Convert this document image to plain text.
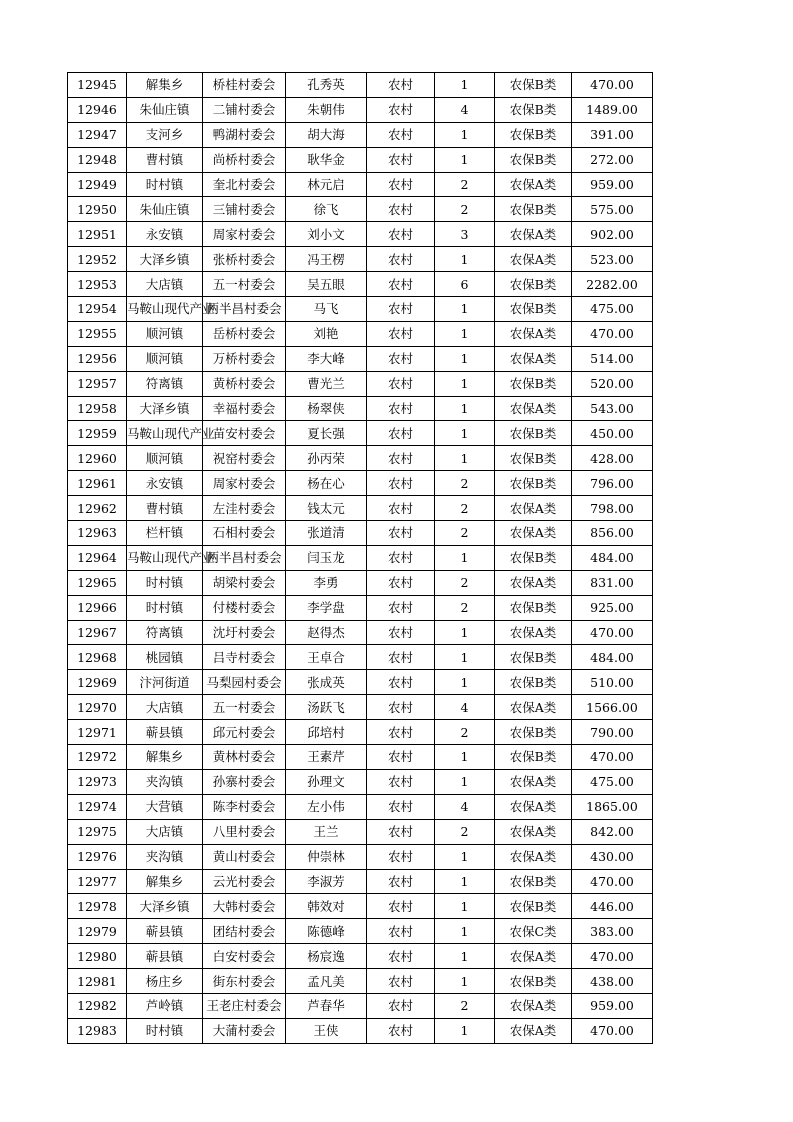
12945	解集乡	桥桂村委会	孔秀英	农村	1	农保B类	470.00
12946	朱仙庄镇	二铺村委会	朱朝伟	农村	4	农保B类	1489.00
12947	支河乡	鸭湖村委会	胡大海	农村	1	农保B类	391.00
12948	曹村镇	尚桥村委会	耿华金	农村	1	农保B类	272.00
12949	时村镇	奎北村委会	林元启	农村	2	农保A类	959.00
12950	朱仙庄镇	三铺村委会	徐飞	农村	2	农保B类	575.00
12951	永安镇	周家村委会	刘小文	农村	3	农保A类	902.00
12952	大泽乡镇	张桥村委会	冯王楞	农村	1	农保A类	523.00
12953	大店镇	五一村委会	吴五眼	农村	6	农保B类	2282.00
12954	马鞍山现代产业	两半昌村委会	马飞	农村	1	农保B类	475.00
12955	顺河镇	岳桥村委会	刘艳	农村	1	农保A类	470.00
12956	顺河镇	万桥村委会	李大峰	农村	1	农保A类	514.00
12957	符离镇	黄桥村委会	曹光兰	农村	1	农保B类	520.00
12958	大泽乡镇	幸福村委会	杨翠侠	农村	1	农保A类	543.00
12959	马鞍山现代产业	苗安村委会	夏长强	农村	1	农保B类	450.00
12960	顺河镇	祝窑村委会	孙丙荣	农村	1	农保B类	428.00
12961	永安镇	周家村委会	杨在心	农村	2	农保B类	796.00
12962	曹村镇	左洼村委会	钱太元	农村	2	农保A类	798.00
12963	栏杆镇	石相村委会	张道清	农村	2	农保A类	856.00
12964	马鞍山现代产业	两半昌村委会	闫玉龙	农村	1	农保B类	484.00
12965	时村镇	胡梁村委会	李勇	农村	2	农保A类	831.00
12966	时村镇	付楼村委会	李学盘	农村	2	农保B类	925.00
12967	符离镇	沈圩村委会	赵得杰	农村	1	农保A类	470.00
12968	桃园镇	吕寺村委会	王卓合	农村	1	农保B类	484.00
12969	汴河街道	马梨园村委会	张成英	农村	1	农保B类	510.00
12970	大店镇	五一村委会	汤跃飞	农村	4	农保A类	1566.00
12971	蕲县镇	邱元村委会	邱培村	农村	2	农保B类	790.00
12972	解集乡	黄林村委会	王素芹	农村	1	农保B类	470.00
12973	夹沟镇	孙寨村委会	孙理文	农村	1	农保A类	475.00
12974	大营镇	陈李村委会	左小伟	农村	4	农保A类	1865.00
12975	大店镇	八里村委会	王兰	农村	2	农保A类	842.00
12976	夹沟镇	黄山村委会	仲崇林	农村	1	农保A类	430.00
12977	解集乡	云光村委会	李淑芳	农村	1	农保B类	470.00
12978	大泽乡镇	大韩村委会	韩效对	农村	1	农保B类	446.00
12979	蕲县镇	团结村委会	陈德峰	农村	1	农保C类	383.00
12980	蕲县镇	白安村委会	杨宸逸	农村	1	农保A类	470.00
12981	杨庄乡	街东村委会	孟凡美	农村	1	农保B类	438.00
12982	芦岭镇	王老庄村委会	芦春华	农村	2	农保A类	959.00
12983	时村镇	大蒲村委会	王侠	农村	1	农保A类	470.00
